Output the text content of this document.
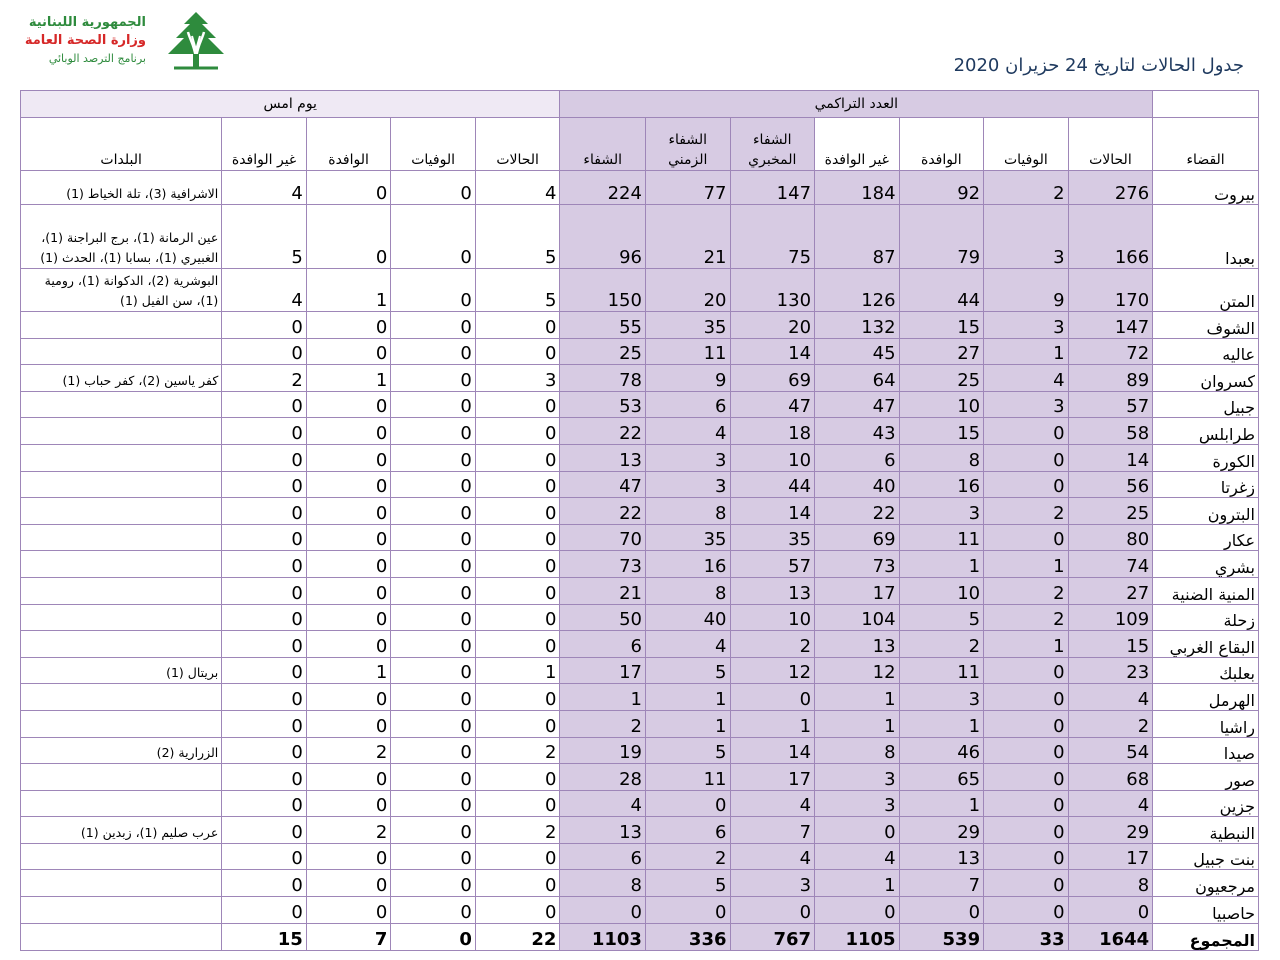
الجمهورية اللبنانية
وزارة الصحة العامة
برنامج الترصد الوبائي	جدول الحالات لتاريخ 24 حزيران 2020
يوم امس					العدد التراكمي							
البلدات	غير الوافدة	الوافدة	الوفيات	الحالات	الشفاء	الشفاء الزمني	الشفاء المخبري	غير الوافدة	الوافدة	الوفيات	الحالات	القضاء
الاشرافية (3)، تلة الخياط (1)	4	0	0	4	224	77	147	184	92	2	276	بيروت
عين الرمانة (1)، برج البراجنة (1)، الغبيري (1)، بسابا (1)، الحدث (1)	5	0	0	5	96	21	75	87	79	3	166	بعبدا
البوشرية (2)، الدكوانة (1)، رومية (1)، سن الفيل (1)	4	1	0	5	150	20	130	126	44	9	170	المتن
	0	0	0	0	55	35	20	132	15	3	147	الشوف
	0	0	0	0	25	11	14	45	27	1	72	عاليه
كفر ياسين (2)، كفر حباب (1)	2	1	0	3	78	9	69	64	25	4	89	كسروان
	0	0	0	0	53	6	47	47	10	3	57	جبيل
	0	0	0	0	22	4	18	43	15	0	58	طرابلس
	0	0	0	0	13	3	10	6	8	0	14	الكورة
	0	0	0	0	47	3	44	40	16	0	56	زغرتا
	0	0	0	0	22	8	14	22	3	2	25	البترون
	0	0	0	0	70	35	35	69	11	0	80	عكار
	0	0	0	0	73	16	57	73	1	1	74	بشري
	0	0	0	0	21	8	13	17	10	2	27	المنية الضنية
	0	0	0	0	50	40	10	104	5	2	109	زحلة
	0	0	0	0	6	4	2	13	2	1	15	البقاع الغربي
بريتال (1)	0	1	0	1	17	5	12	12	11	0	23	بعلبك
	0	0	0	0	1	1	0	1	3	0	4	الهرمل
	0	0	0	0	2	1	1	1	1	0	2	راشيا
الزرارية (2)	0	2	0	2	19	5	14	8	46	0	54	صيدا
	0	0	0	0	28	11	17	3	65	0	68	صور
	0	0	0	0	4	0	4	3	1	0	4	جزين
عرب صليم (1)، زبدين (1)	0	2	0	2	13	6	7	0	29	0	29	النبطية
	0	0	0	0	6	2	4	4	13	0	17	بنت جبيل
	0	0	0	0	8	5	3	1	7	0	8	مرجعيون
	0	0	0	0	0	0	0	0	0	0	0	حاصبيا
	15	7	0	22	1103	336	767	1105	539	33	1644	المجموع
